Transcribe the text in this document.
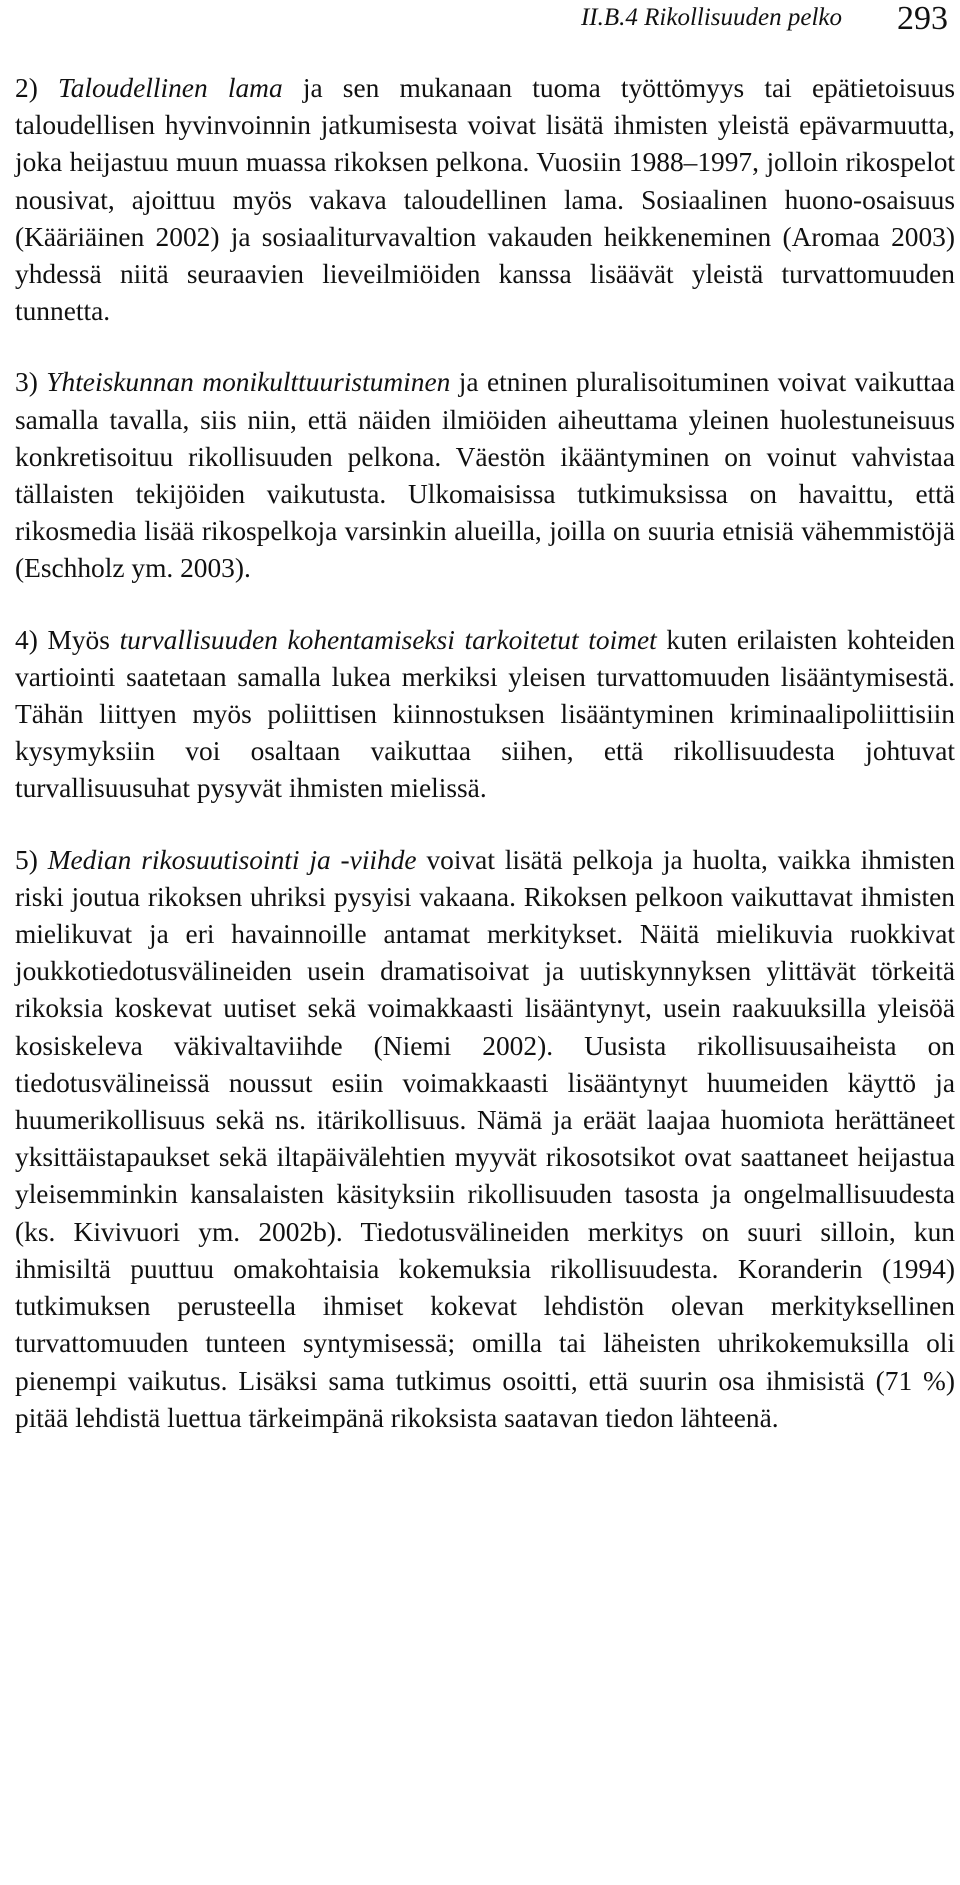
II.B.4 Rikollisuuden pelko 293

2) Taloudellinen lama ja sen mukanaan tuoma työttömyys tai epätietoisuus taloudellisen hyvinvoinnin jatkumisesta voivat lisätä ihmisten yleistä epävarmuutta, joka heijastuu muun muassa rikoksen pelkona. Vuosiin 1988–1997, jolloin rikospelot nousivat, ajoittuu myös vakava taloudellinen lama. Sosiaalinen huono-osaisuus (Kääriäinen 2002) ja sosiaaliturvavaltion vakauden heikkeneminen (Aromaa 2003) yhdessä niitä seuraavien lieveilmiöiden kanssa lisäävät yleistä turvattomuuden tunnetta.

3) Yhteiskunnan monikulttuuristuminen ja etninen pluralisoituminen voivat vaikuttaa samalla tavalla, siis niin, että näiden ilmiöiden aiheuttama yleinen huolestuneisuus konkretisoituu rikollisuuden pelkona. Väestön ikääntyminen on voinut vahvistaa tällaisten tekijöiden vaikutusta. Ulkomaisissa tutkimuksissa on havaittu, että rikosmedia lisää rikospelkoja varsinkin alueilla, joilla on suuria etnisiä vähemmistöjä (Eschholz ym. 2003).

4) Myös turvallisuuden kohentamiseksi tarkoitetut toimet kuten erilaisten kohteiden vartiointi saatetaan samalla lukea merkiksi yleisen turvattomuuden lisääntymisestä. Tähän liittyen myös poliittisen kiinnostuksen lisääntyminen kriminaalipoliittisiin kysymyksiin voi osaltaan vaikuttaa siihen, että rikollisuudesta johtuvat turvallisuusuhat pysyvät ihmisten mielissä.

5) Median rikosuutisointi ja -viihde voivat lisätä pelkoja ja huolta, vaikka ihmisten riski joutua rikoksen uhriksi pysyisi vakaana. Rikoksen pelkoon vaikuttavat ihmisten mielikuvat ja eri havainnoille antamat merkitykset. Näitä mielikuvia ruokkivat joukkotiedotusvälineiden usein dramatisoivat ja uutiskynnyksen ylittävät törkeitä rikoksia koskevat uutiset sekä voimakkaasti lisääntynyt, usein raakuuksilla yleisöä kosiskeleva väkivaltaviihde (Niemi 2002). Uusista rikollisuusaiheista on tiedotusvälineissä noussut esiin voimakkaasti lisääntynyt huumeiden käyttö ja huumerikollisuus sekä ns. itärikollisuus. Nämä ja eräät laajaa huomiota herättäneet yksittäistapaukset sekä iltapäivälehtien myyvät rikosotsikot ovat saattaneet heijastua yleisemminkin kansalaisten käsityksiin rikollisuuden tasosta ja ongelmallisuudesta (ks. Kivivuori ym. 2002b). Tiedotusvälineiden merkitys on suuri silloin, kun ihmisiltä puuttuu omakohtaisia kokemuksia rikollisuudesta. Koranderin (1994) tutkimuksen perusteella ihmiset kokevat lehdistön olevan merkityksellinen turvattomuuden tunteen syntymisessä; omilla tai läheisten uhrikokemuksilla oli pienempi vaikutus. Lisäksi sama tutkimus osoitti, että suurin osa ihmisistä (71 %) pitää lehdistä luettua tärkeimpänä rikoksista saatavan tiedon lähteenä.
